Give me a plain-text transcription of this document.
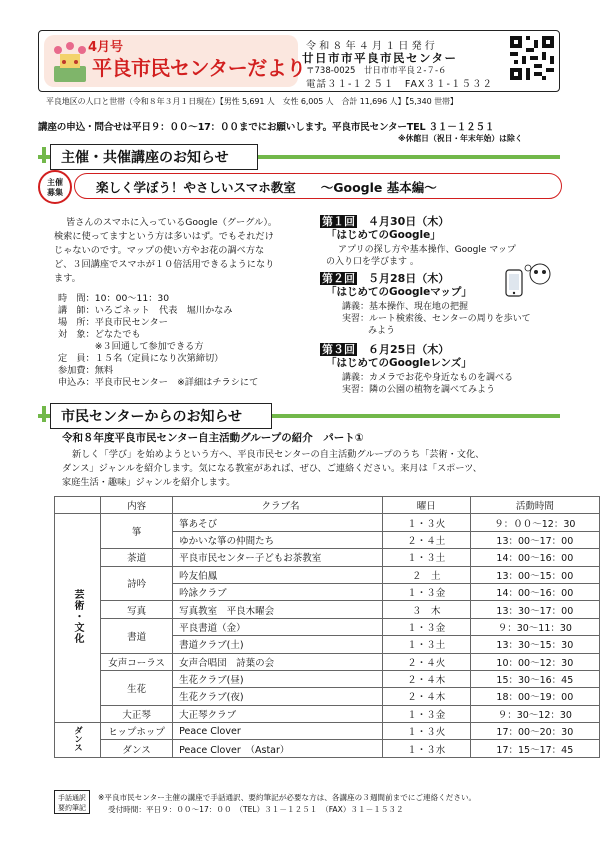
4月号
平良市民センターだより
令和８年４月１日発行
廿日市市平良市民センター
〒738-0025　廿日市市平良２-７-６
電話３１-１２５１　FAX３１-１５３２
平良地区の人口と世帯（令和８年３月１日現在）【男性 5,691 人　女性 6,005 人　合計 11,696 人】【5,340 世帯】
講座の申込・問合せは平日９：００～17：００までにお願いします。平良市民センターTEL ３１－１２５１
※休館日（祝日・年末年始）は除く
主催・共催講座のお知らせ
楽しく学ぼう！やさしいスマホ教室　　～Google 基本編～
主催
募集
皆さんのスマホに入っているGoogle（グーグル）。
検索に使ってますという方は多いはず。でもそれだけ
じゃないのです。マップの使い方やお花の調べ方な
ど、３回講座でスマホが１０倍活用できるようになり
ます。
時　間：10：00～11：30
講　師：いろごネット　代表　堀川かなみ
場　所：平良市民センター
対　象：どなたでも
　　　　※３回通して参加できる方
定　員：１５名（定員になり次第締切）
参加費：無料
申込み：平良市民センター　※詳細はチラシにて
第１回　 ４月30日（木）
「はじめてのGoogle」
アプリの探し方や基本操作、Google マップ
の入り口を学びます 。
第２回　 ５月28日（木）
「はじめてのGoogleマップ」
講義：基本操作、現在地の把握
実習：ルート検索後、センターの周りを歩いて
みよう
第３回　 ６月25日（木）
「はじめてのGoogleレンズ」
講義：カメラでお花や身近なものを調べる
実習：隣の公園の植物を調べてみよう
市民センターからのお知らせ
令和８年度平良市民センター自主活動グループの紹介　パート①
新しく「学び」を始めようという方へ、平良市民センターの自主活動グループのうち「芸術・文化、
ダンス」ジャンルを紹介します。気になる教室があれば、ぜひ、ご連絡ください。来月は「スポーツ、
家庭生活・趣味」ジャンルを紹介します。
	内容	クラブ名	曜日	活動時間
芸術・文化	箏	箏あそび	１・３火	９：００～12：30
		ゆかいな箏の仲間たち	２・４土	13：00～17：00
	茶道	平良市民センター子どもお茶教室	１・３土	14：00～16：00
	詩吟	吟友伯鳳	２　土	13：00～15：00
		吟詠クラブ	１・３金	14：00～16：00
	写真	写真教室　平良木曜会	３　木	13：30～17：00
	書道	平良書道（金）	１・３金	９：30～11：30
		書道クラブ(土)	１・３土	13：30～15：30
	女声コーラス	女声合唱団　詩葉の会	２・４火	10：00～12：30
	生花	生花クラブ(昼)	２・４木	15：30～16：45
		生花クラブ(夜)	２・４木	18：00～19：00
	大正琴	大正琴クラブ	１・３金	９：30～12：30
ダンス	ヒップホップ	Peace Clover	１・３火	17：00～20：30
	ダンス	Peace Clover　（Astar）	１・３水	17：15～17：45
手話通訳
要約筆記
※平良市民センター主催の講座で手話通訳、要約筆記が必要な方は、各講座の３週間前までにご連絡ください。
受付時間：平日９：００～17：００　（TEL）３１－１２５１　（FAX）３１－１５３２
